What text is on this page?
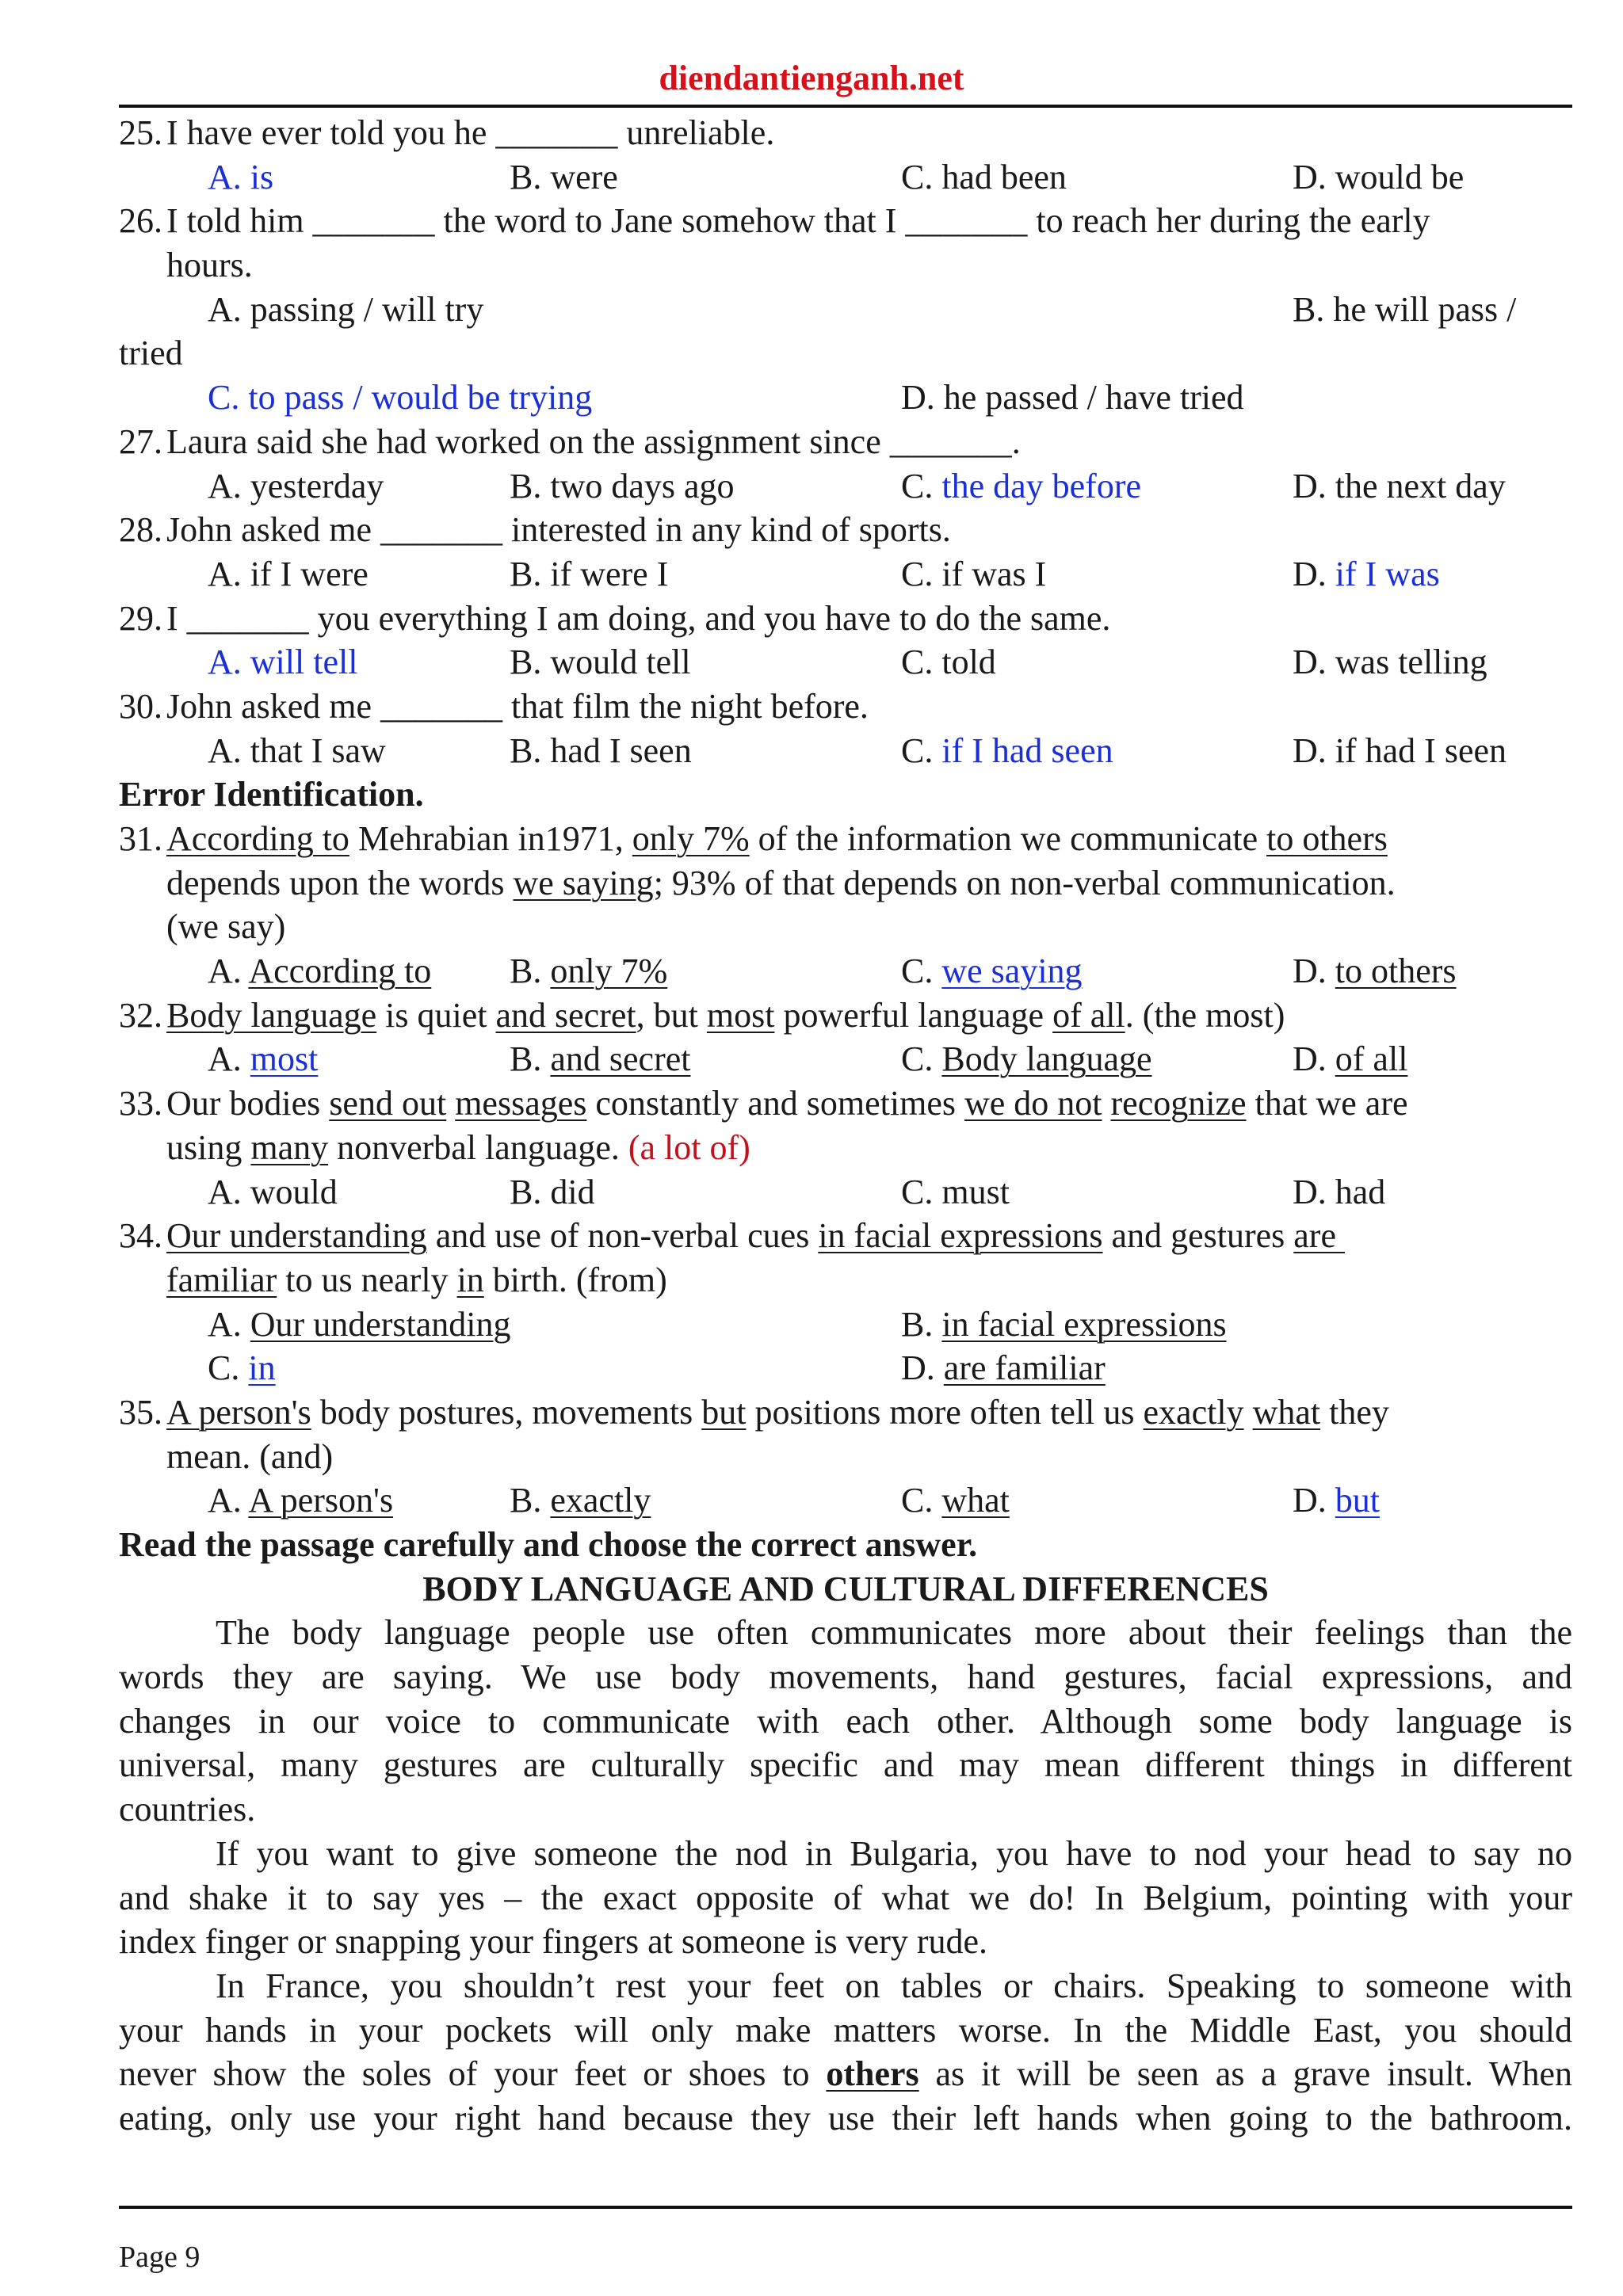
diendantienganh.net
25. I have ever told you he _______ unreliable.
A. is	B. were	C. had been	D. would be
26. I told him _______ the word to Jane somehow that I _______ to reach her during the early
hours.
A. passing / will try	B. he will pass /
tried
C. to pass / would be trying	D. he passed / have tried
27. Laura said she had worked on the assignment since _______.
A. yesterday	B. two days ago	C. the day before	D. the next day
28. John asked me _______ interested in any kind of sports.
A. if I were	B. if were I	C. if was I	D. if I was
29. I _______ you everything I am doing, and you have to do the same.
A. will tell	B. would tell	C. told	D. was telling
30. John asked me _______ that film the night before.
A. that I saw	B. had I seen	C. if I had seen	D. if had I seen
Error Identification.
31. According to Mehrabian in1971, only 7% of the information we communicate to others
depends upon the words we saying; 93% of that depends on non-verbal communication.
(we say)
A. According to B. only 7%	C. we saying	D. to others
32. Body language is quiet and secret, but most powerful language of all. (the most)
A. most	B. and secret	C. Body language	D. of all
33. Our bodies send out messages constantly and sometimes we do not recognize that we are
using many nonverbal language. (a lot of)
A. would	B. did	C. must	D. had
34. Our understanding and use of non-verbal cues in facial expressions and gestures are
familiar to us nearly in birth. (from)
A. Our understanding	B. in facial expressions
C. in	D. are familiar
35. A person's body postures, movements but positions more often tell us exactly what they
mean. (and)
A. A person's	B. exactly	C. what	D. but
Read the passage carefully and choose the correct answer.
BODY LANGUAGE AND CULTURAL DIFFERENCES
The body language people use often communicates more about their feelings than the
words they are saying. We use body movements, hand gestures, facial expressions, and
changes in our voice to communicate with each other. Although some body language is
universal, many gestures are culturally specific and may mean different things in different
countries.
If you want to give someone the nod in Bulgaria, you have to nod your head to say no
and shake it to say yes – the exact opposite of what we do! In Belgium, pointing with your
index finger or snapping your fingers at someone is very rude.
In France, you shouldn’t rest your feet on tables or chairs. Speaking to someone with
your hands in your pockets will only make matters worse. In the Middle East, you should
never show the soles of your feet or shoes to others as it will be seen as a grave insult. When
eating, only use your right hand because they use their left hands when going to the bathroom.
Page 9
